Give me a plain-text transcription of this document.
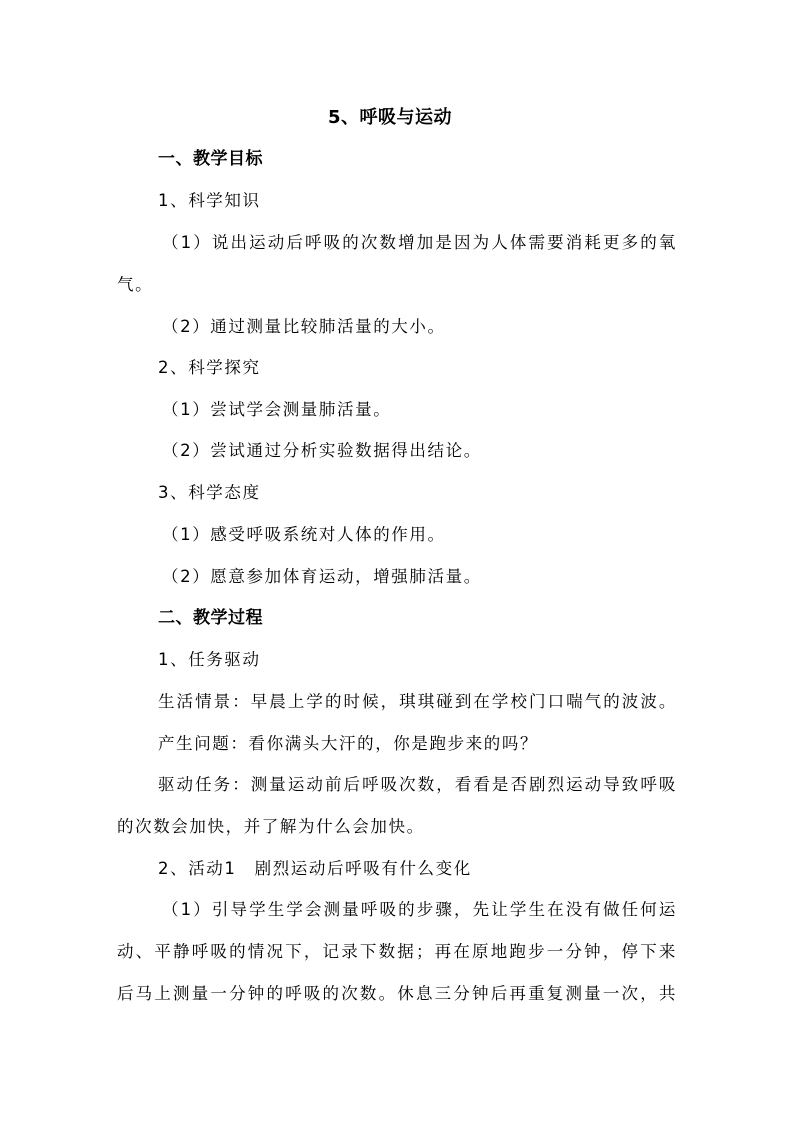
5、呼吸与运动
一、教学目标
1、科学知识
（1）说出运动后呼吸的次数增加是因为人体需要消耗更多的氧
气。
（2）通过测量比较肺活量的大小。
2、科学探究
（1）尝试学会测量肺活量。
（2）尝试通过分析实验数据得出结论。
3、科学态度
（1）感受呼吸系统对人体的作用。
（2）愿意参加体育运动，增强肺活量。
二、教学过程
1、任务驱动
生活情景：早晨上学的时候，琪琪碰到在学校门口喘气的波波。
产生问题：看你满头大汗的，你是跑步来的吗？
驱动任务：测量运动前后呼吸次数，看看是否剧烈运动导致呼吸
的次数会加快，并了解为什么会加快。
2、活动1　剧烈运动后呼吸有什么变化
（1）引导学生学会测量呼吸的步骤，先让学生在没有做任何运
动、平静呼吸的情况下，记录下数据；再在原地跑步一分钟，停下来
后马上测量一分钟的呼吸的次数。休息三分钟后再重复测量一次，共
